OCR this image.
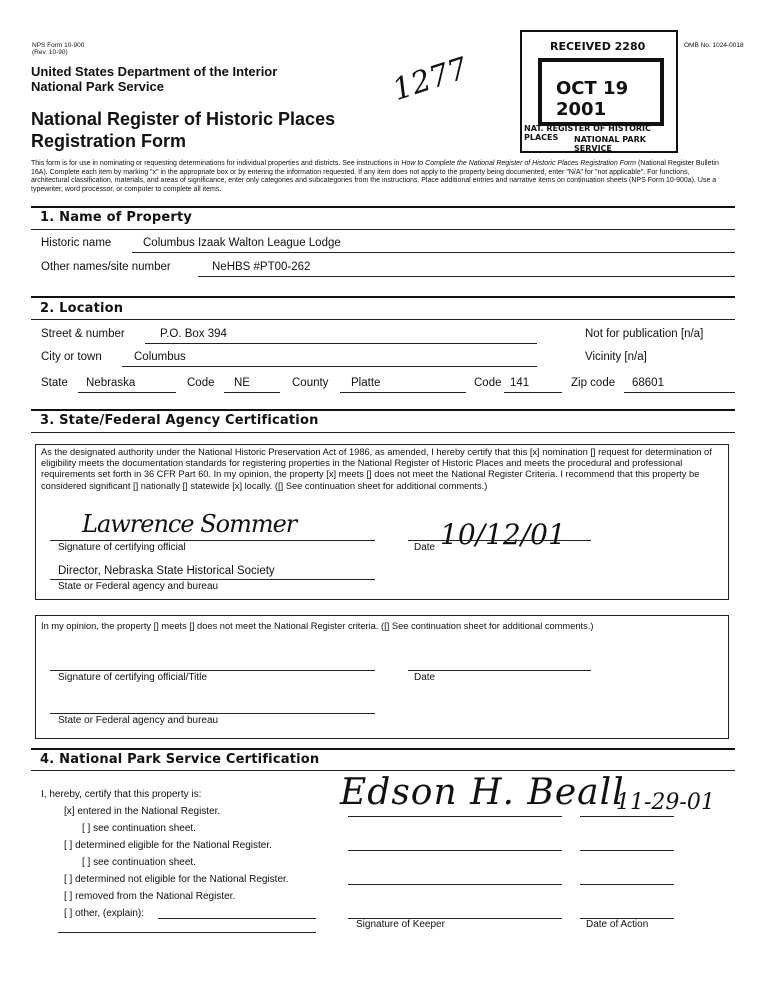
NPS Form 10-900
(Rev. 10-90)
OMB No. 1024-0018
United States Department of the Interior
National Park Service
National Register of Historic Places
Registration Form
1277
RECEIVED 2280
OCT 19 2001
NAT. REGISTER OF HISTORIC PLACES	NATIONAL PARK SERVICE
This form is for use in nominating or requesting determinations for individual properties and districts. See instructions in How to Complete the National Register of Historic Places Registration Form (National Register Bulletin 16A). Complete each item by marking "x" in the appropriate box or by entering the information requested. If any item does not apply to the property being documented, enter "N/A" for "not applicable". For functions, architectural classification, materials, and areas of significance, enter only categories and subcategories from the instructions. Place additional entries and narrative items on continuation sheets (NPS Form 10-900a). Use a typewriter, word processor, or computer to complete all items.
1. Name of Property
Historic name	Columbus Izaak Walton League Lodge
Other names/site number	NeHBS #PT00-262
2. Location
Street & number	P.O. Box 394	Not for publication [n/a]
City or town	Columbus	Vicinity [n/a]
State Nebraska	Code NE	County Platte	Code 141	Zip code 68601
3. State/Federal Agency Certification
As the designated authority under the National Historic Preservation Act of 1986, as amended, I hereby certify that this [x] nomination [] request for determination of eligibility meets the documentation standards for registering properties in the National Register of Historic Places and meets the procedural and professional requirements set forth in 36 CFR Part 60. In my opinion, the property [x] meets [] does not meet the National Register Criteria. I recommend that this property be considered significant [] nationally [] statewide [x] locally. ([] See continuation sheet for additional comments.)
Lawrence Sommer
Signature of certifying official	10/12/01
Date
Director, Nebraska State Historical Society
State or Federal agency and bureau
In my opinion, the property [] meets [] does not meet the National Register criteria. ([] See continuation sheet for additional comments.)
Signature of certifying official/Title	Date
State or Federal agency and bureau
4. National Park Service Certification
I, hereby, certify that this property is:
[x] entered in the National Register.
[ ] see continuation sheet.
[ ] determined eligible for the National Register.
[ ] see continuation sheet.
[ ] determined not eligible for the National Register.
[ ] removed from the National Register.
[ ] other, (explain):
Edson H. Beall
11-29-01
Signature of Keeper	Date of Action
